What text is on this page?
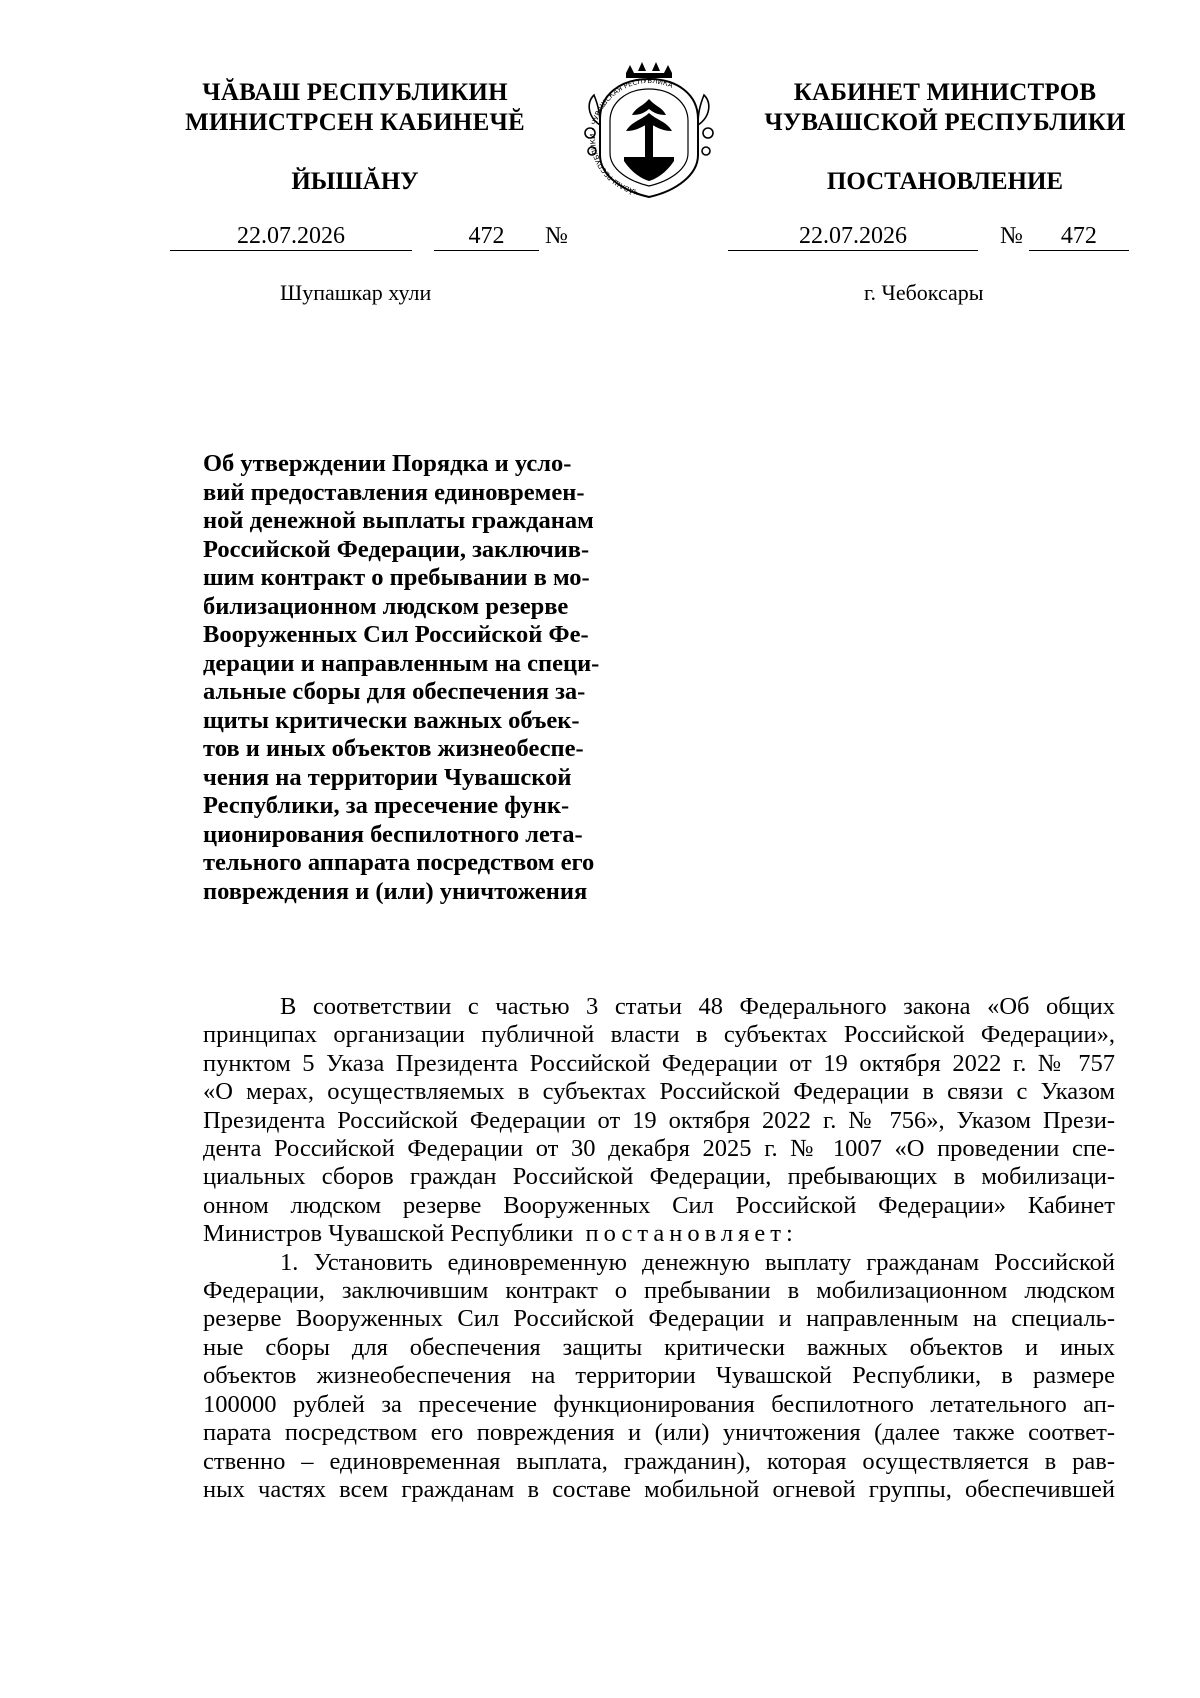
ЧĂВАШ РЕСПУБЛИКИН
МИНИСТРСЕН КАБИНЕЧĔ
ЙЫШĂНУ
КАБИНЕТ МИНИСТРОВ
ЧУВАШСКОЙ РЕСПУБЛИКИ
ПОСТАНОВЛЕНИЕ
ЧĂВАШ РЕСПУБЛИКИ • ЧУВАШСКАЯ РЕСПУБЛИКА
22.07.2026	472 №	22.07.2026	№ 472
Шупашкар хули	г. Чебоксары
Об утверждении Порядка и усло-
вий предоставления единовремен-
ной денежной выплаты гражданам
Российской Федерации, заключив-
шим контракт о пребывании в мо-
билизационном людском резерве
Вооруженных Сил Российской Фе-
дерации и направленным на специ-
альные сборы для обеспечения за-
щиты критически важных объек-
тов и иных объектов жизнеобеспе-
чения на территории Чувашской
Республики, за пресечение функ-
ционирования беспилотного лета-
тельного аппарата посредством его
повреждения и (или) уничтожения

В соответствии с частью 3 статьи 48 Федерального закона «Об общих
принципах организации публичной власти в субъектах Российской Федерации»,
пунктом 5 Указа Президента Российской Федерации от 19 октября 2022 г. № 757
«О мерах, осуществляемых в субъектах Российской Федерации в связи с Указом
Президента Российской Федерации от 19 октября 2022 г. № 756», Указом Прези-
дента Российской Федерации от 30 декабря 2025 г. № 1007 «О проведении спе-
циальных сборов граждан Российской Федерации, пребывающих в мобилизаци-
онном людском резерве Вооруженных Сил Российской Федерации» Кабинет
Министров Чувашской Республики постановляет:

1. Установить единовременную денежную выплату гражданам Российской
Федерации, заключившим контракт о пребывании в мобилизационном людском
резерве Вооруженных Сил Российской Федерации и направленным на специаль-
ные сборы для обеспечения защиты критически важных объектов и иных
объектов жизнеобеспечения на территории Чувашской Республики, в размере
100000 рублей за пресечение функционирования беспилотного летательного ап-
парата посредством его повреждения и (или) уничтожения (далее также соответ-
ственно – единовременная выплата, гражданин), которая осуществляется в рав-
ных частях всем гражданам в составе мобильной огневой группы, обеспечившей
